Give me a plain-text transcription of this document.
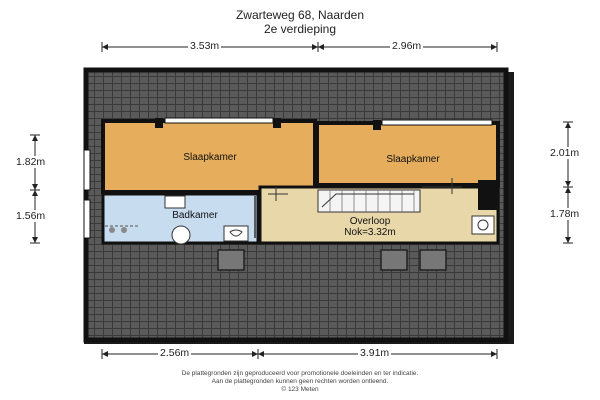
Zwarteweg 68, Naarden
2e verdieping
3.53m	2.96m
2.56m	3.91m
1.82m
1.56m
2.01m
1.78m
Slaapkamer	Slaapkamer
Badkamer
Overloop
Nok=3.32m
De plattegronden zijn geproduceerd voor promotionele doeleinden en ter indicatie.
Aan de plattegronden kunnen geen rechten worden ontleend.
© 123 Meten
